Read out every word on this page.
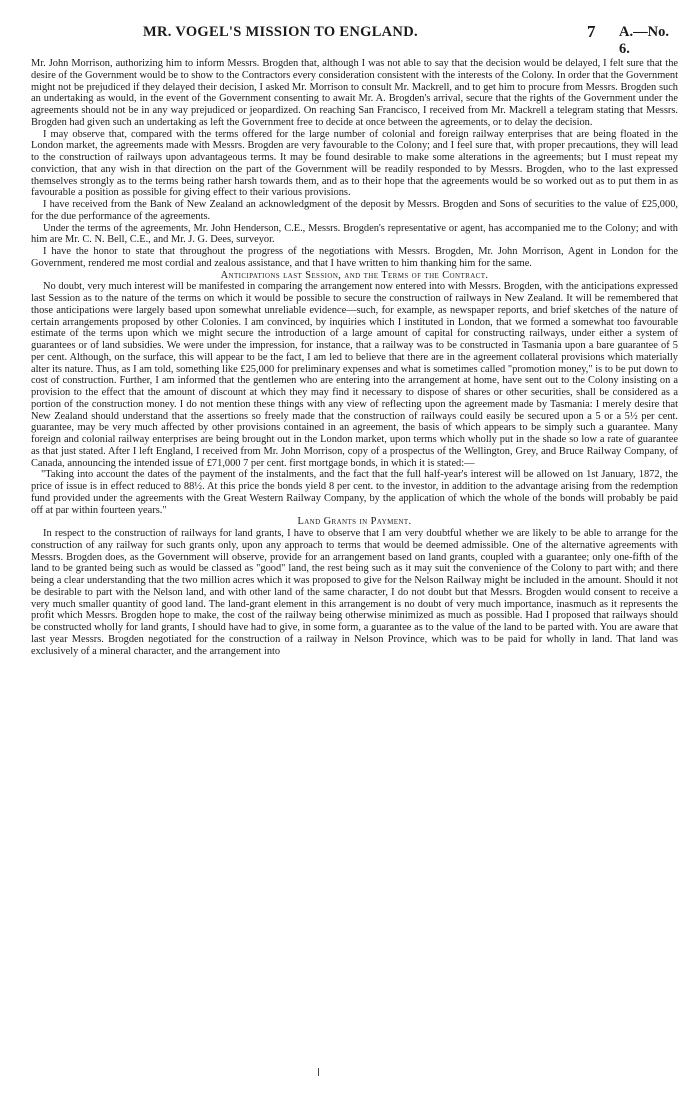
MR. VOGEL'S MISSION TO ENGLAND.	7 A.—No. 6.

Mr. John Morrison, authorizing him to inform Messrs. Brogden that, although I was not able to say that the decision would be delayed, I felt sure that the desire of the Government would be to show to the Contractors every consideration consistent with the interests of the Colony. In order that the Government might not be prejudiced if they delayed their decision, I asked Mr. Morrison to consult Mr. Mackrell, and to get him to procure from Messrs. Brogden such an undertaking as would, in the event of the Government consenting to await Mr. A. Brogden's arrival, secure that the rights of the Government under the agreements should not be in any way prejudiced or jeopardized. On reaching San Francisco, I received from Mr. Mackrell a telegram stating that Messrs. Brogden had given such an undertaking as left the Government free to decide at once between the agreements, or to delay the decision.

I may observe that, compared with the terms offered for the large number of colonial and foreign railway enterprises that are being floated in the London market, the agreements made with Messrs. Brogden are very favourable to the Colony; and I feel sure that, with proper precautions, they will lead to the construction of railways upon advantageous terms. It may be found desirable to make some alterations in the agreements; but I must repeat my conviction, that any wish in that direction on the part of the Government will be readily responded to by Messrs. Brogden, who to the last expressed themselves strongly as to the terms being rather harsh towards them, and as to their hope that the agreements would be so worked out as to put them in as favourable a position as possible for giving effect to their various provisions.

I have received from the Bank of New Zealand an acknowledgment of the deposit by Messrs. Brogden and Sons of securities to the value of £25,000, for the due performance of the agreements.

Under the terms of the agreements, Mr. John Henderson, C.E., Messrs. Brogden's representative or agent, has accompanied me to the Colony; and with him are Mr. C. N. Bell, C.E., and Mr. J. G. Dees, surveyor.

I have the honor to state that throughout the progress of the negotiations with Messrs. Brogden, Mr. John Morrison, Agent in London for the Government, rendered me most cordial and zealous assistance, and that I have written to him thanking him for the same.

Anticipations last Session, and the Terms of the Contract.

No doubt, very much interest will be manifested in comparing the arrangement now entered into with Messrs. Brogden, with the anticipations expressed last Session as to the nature of the terms on which it would be possible to secure the construction of railways in New Zealand. It will be remembered that those anticipations were largely based upon somewhat unreliable evidence—such, for example, as newspaper reports, and brief sketches of the nature of certain arrangements proposed by other Colonies. I am convinced, by inquiries which I instituted in London, that we formed a somewhat too favourable estimate of the terms upon which we might secure the introduction of a large amount of capital for constructing railways, under either a system of guarantees or of land subsidies. We were under the impression, for instance, that a railway was to be constructed in Tasmania upon a bare guarantee of 5 per cent. Although, on the surface, this will appear to be the fact, I am led to believe that there are in the agreement collateral provisions which materially alter its nature. Thus, as I am told, something like £25,000 for preliminary expenses and what is sometimes called "promotion money," is to be put down to cost of construction. Further, I am informed that the gentlemen who are entering into the arrangement at home, have sent out to the Colony insisting on a provision to the effect that the amount of discount at which they may find it necessary to dispose of shares or other securities, shall be considered as a portion of the construction money. I do not mention these things with any view of reflecting upon the agreement made by Tasmania: I merely desire that New Zealand should understand that the assertions so freely made that the construction of railways could easily be secured upon a 5 or a 5½ per cent. guarantee, may be very much affected by other provisions contained in an agreement, the basis of which appears to be simply such a guarantee. Many foreign and colonial railway enterprises are being brought out in the London market, upon terms which wholly put in the shade so low a rate of guarantee as that just stated. After I left England, I received from Mr. John Morrison, copy of a prospectus of the Wellington, Grey, and Bruce Railway Company, of Canada, announcing the intended issue of £71,000 7 per cent. first mortgage bonds, in which it is stated:—

"Taking into account the dates of the payment of the instalments, and the fact that the full half-year's interest will be allowed on 1st January, 1872, the price of issue is in effect reduced to 88½. At this price the bonds yield 8 per cent. to the investor, in addition to the advantage arising from the redemption fund provided under the agreements with the Great Western Railway Company, by the application of which the whole of the bonds will probably be paid off at par within fourteen years."

Land Grants in Payment.

In respect to the construction of railways for land grants, I have to observe that I am very doubtful whether we are likely to be able to arrange for the construction of any railway for such grants only, upon any approach to terms that would be deemed admissible. One of the alternative agreements with Messrs. Brogden does, as the Government will observe, provide for an arrangement based on land grants, coupled with a guarantee; only one-fifth of the land to be granted being such as would be classed as "good" land, the rest being such as it may suit the convenience of the Colony to part with; and there being a clear understanding that the two million acres which it was proposed to give for the Nelson Railway might be included in the amount. Should it not be desirable to part with the Nelson land, and with other land of the same character, I do not doubt but that Messrs. Brogden would consent to receive a very much smaller quantity of good land. The land-grant element in this arrangement is no doubt of very much importance, inasmuch as it represents the profit which Messrs. Brogden hope to make, the cost of the railway being otherwise minimized as much as possible. Had I proposed that railways should be constructed wholly for land grants, I should have had to give, in some form, a guarantee as to the value of the land to be parted with. You are aware that last year Messrs. Brogden negotiated for the construction of a railway in Nelson Province, which was to be paid for wholly in land. That land was exclusively of a mineral character, and the arrangement into
